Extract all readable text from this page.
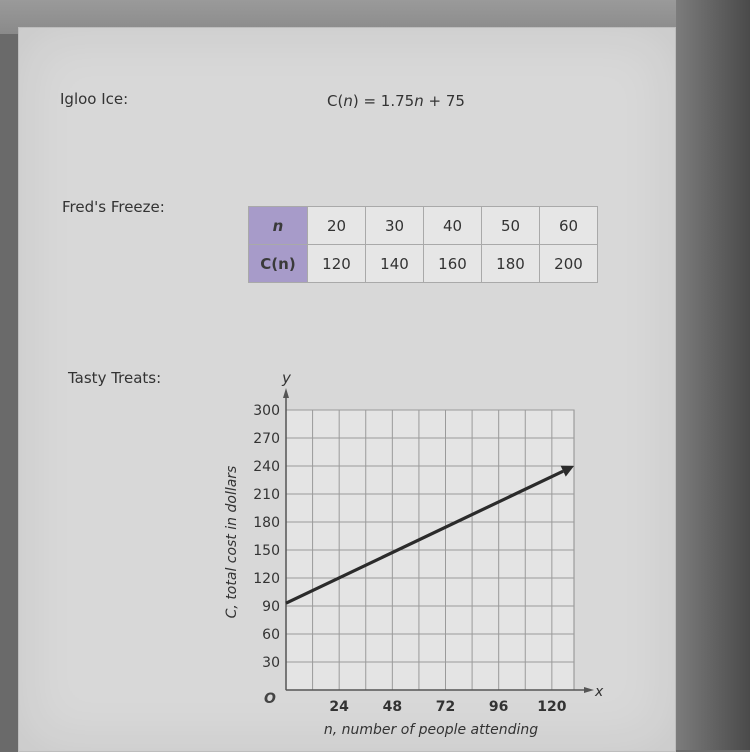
Igloo Ice:	C(n) = 1.75n + 75
Fred's Freeze:
n	20	30	40	50	60
C(n)	120	140	160	180	200
Tasty Treats:
30
60
90
120
150
180
210
240
270
300
24 48 72 96 120
O	x
y
n, number of people attending
C, total cost in dollars
